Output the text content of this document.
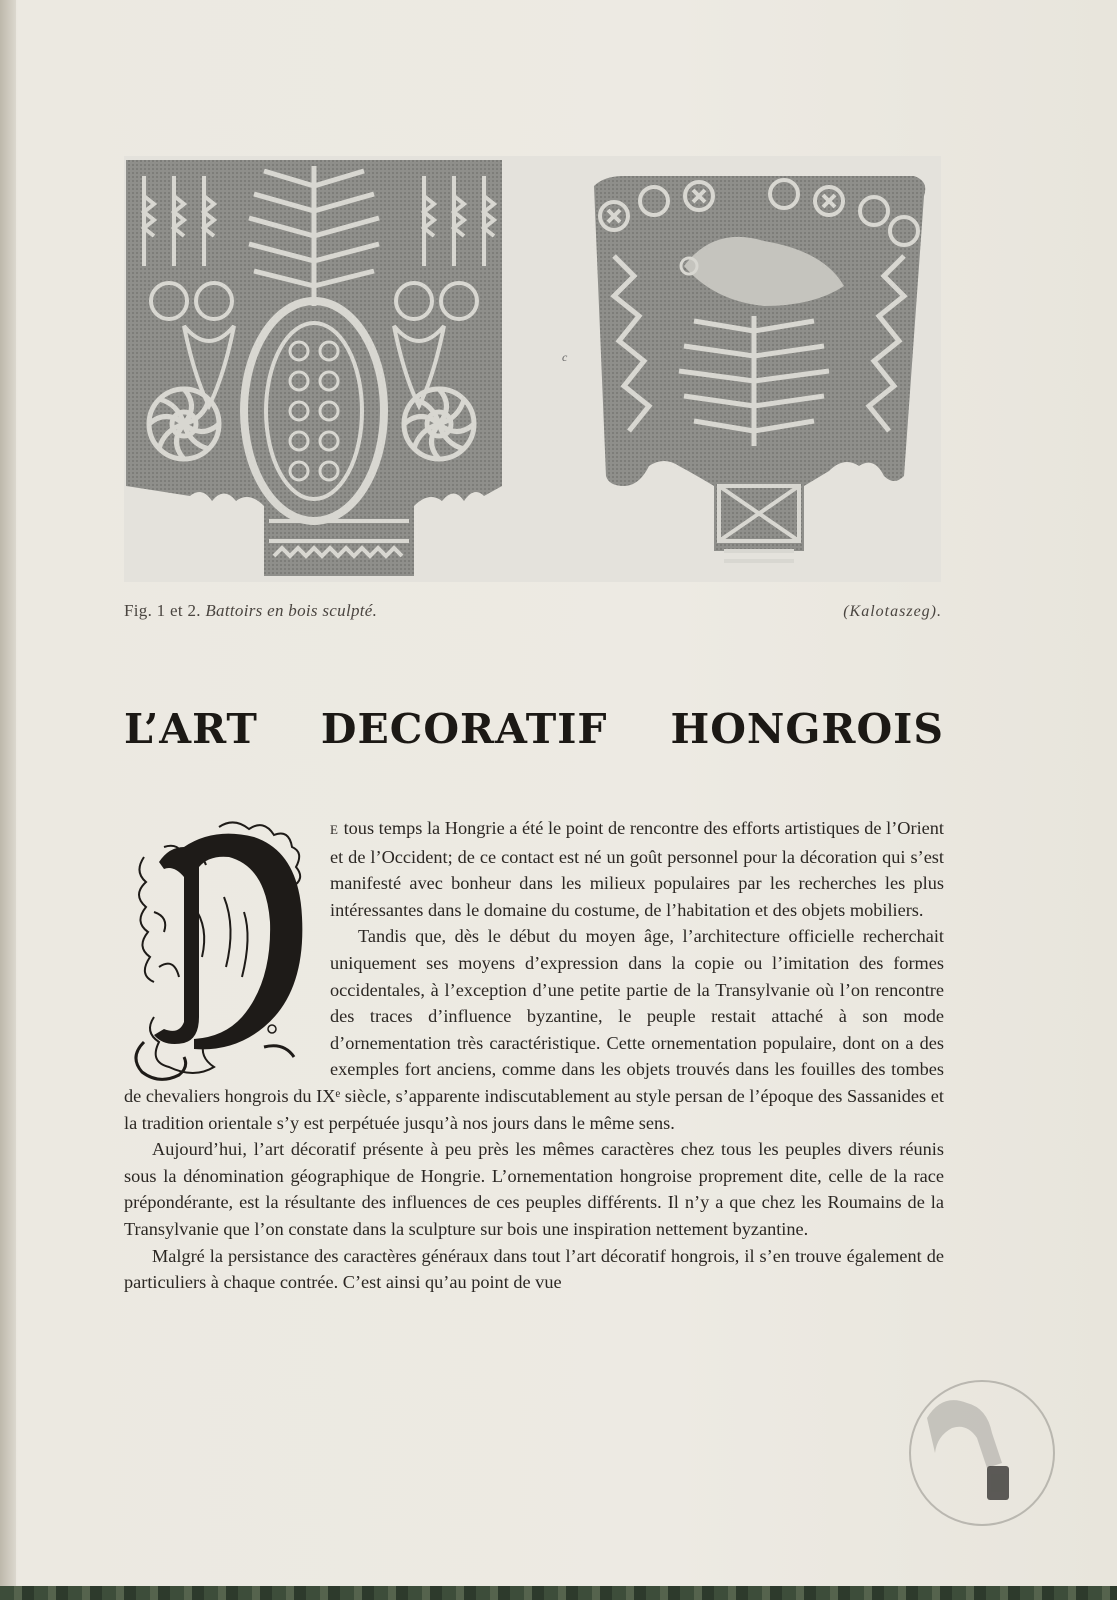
c
Fig. 1 et 2. Battoirs en bois sculpté.	(Kalotaszeg).
L’ART DECORATIF HONGROIS

E tous temps la Hongrie a été le point de rencontre des efforts artistiques de l’Orient et de l’Occident; de ce contact est né un goût personnel pour la décoration qui s’est manifesté avec bonheur dans les milieux populaires par les recherches les plus intéressantes dans le domaine du costume, de l’habitation et des objets mobiliers.

Tandis que, dès le début du moyen âge, l’architecture officielle recherchait uniquement ses moyens d’expression dans la copie ou l’imitation des formes occidentales, à l’exception d’une petite partie de la Transylvanie où l’on rencontre des traces d’influence byzantine, le peuple restait attaché à son mode d’ornementation très caractéristique. Cette ornementation populaire, dont on a des exemples fort anciens, comme dans les objets trouvés dans les fouilles des tombes de chevaliers hongrois du IXᵉ siècle, s’apparente indiscutablement au style persan de l’époque des Sassanides et la tradition orientale s’y est perpétuée jusqu’à nos jours dans le même sens.

Aujourd’hui, l’art décoratif présente à peu près les mêmes caractères chez tous les peuples divers réunis sous la dénomination géographique de Hongrie. L’ornementation hongroise proprement dite, celle de la race prépondérante, est la résultante des influences de ces peuples différents. Il n’y a que chez les Roumains de la Transylvanie que l’on constate dans la sculpture sur bois une inspiration nettement byzantine.

Malgré la persistance des caractères généraux dans tout l’art décoratif hongrois, il s’en trouve également de particuliers à chaque contrée. C’est ainsi qu’au point de vue
